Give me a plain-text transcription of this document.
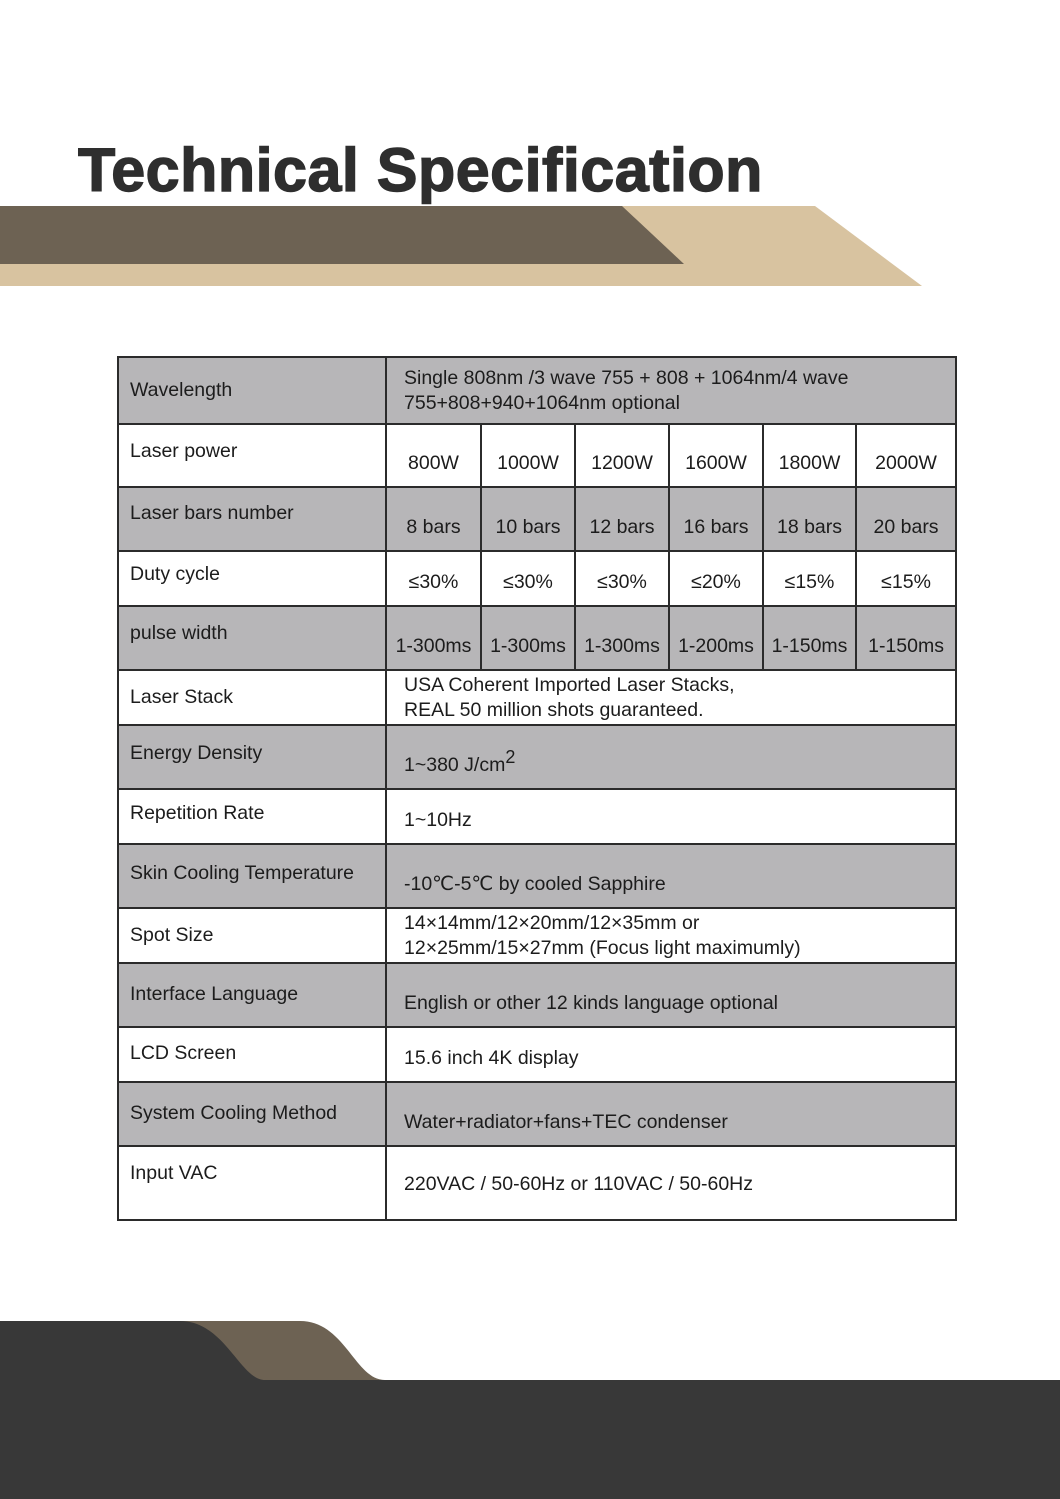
Technical Specification
Wavelength	Single 808nm /3 wave 755 + 808 + 1064nm/4 wave
755+808+940+1064nm optional					

Laser power	800W	1000W	1200W	1600W	1800W	2000W

Laser bars number	8 bars	10 bars	12 bars	16 bars	18 bars	20 bars

Duty cycle	≤30%	≤30%	≤30%	≤20%	≤15%	≤15%

pulse width	1-300ms	1-300ms	1-300ms	1-200ms	1-150ms	1-150ms

Laser Stack	USA Coherent Imported Laser Stacks,
REAL 50 million shots guaranteed.					

Energy Density	1~380 $J/cm^2$

Repetition Rate	1~10Hz					

Skin Cooling Temperature	-10℃-5℃ by cooled Sapphire					

Spot Size	14×14mm/12×20mm/12×35mm or
12×25mm/15×27mm (Focus light maximumly)					

Interface Language	English or other 12 kinds language optional					

LCD Screen	15.6 inch 4K display					

System Cooling Method	Water+radiator+fans+TEC condenser					

Input VAC	220VAC / 50-60Hz or 110VAC / 50-60Hz					
